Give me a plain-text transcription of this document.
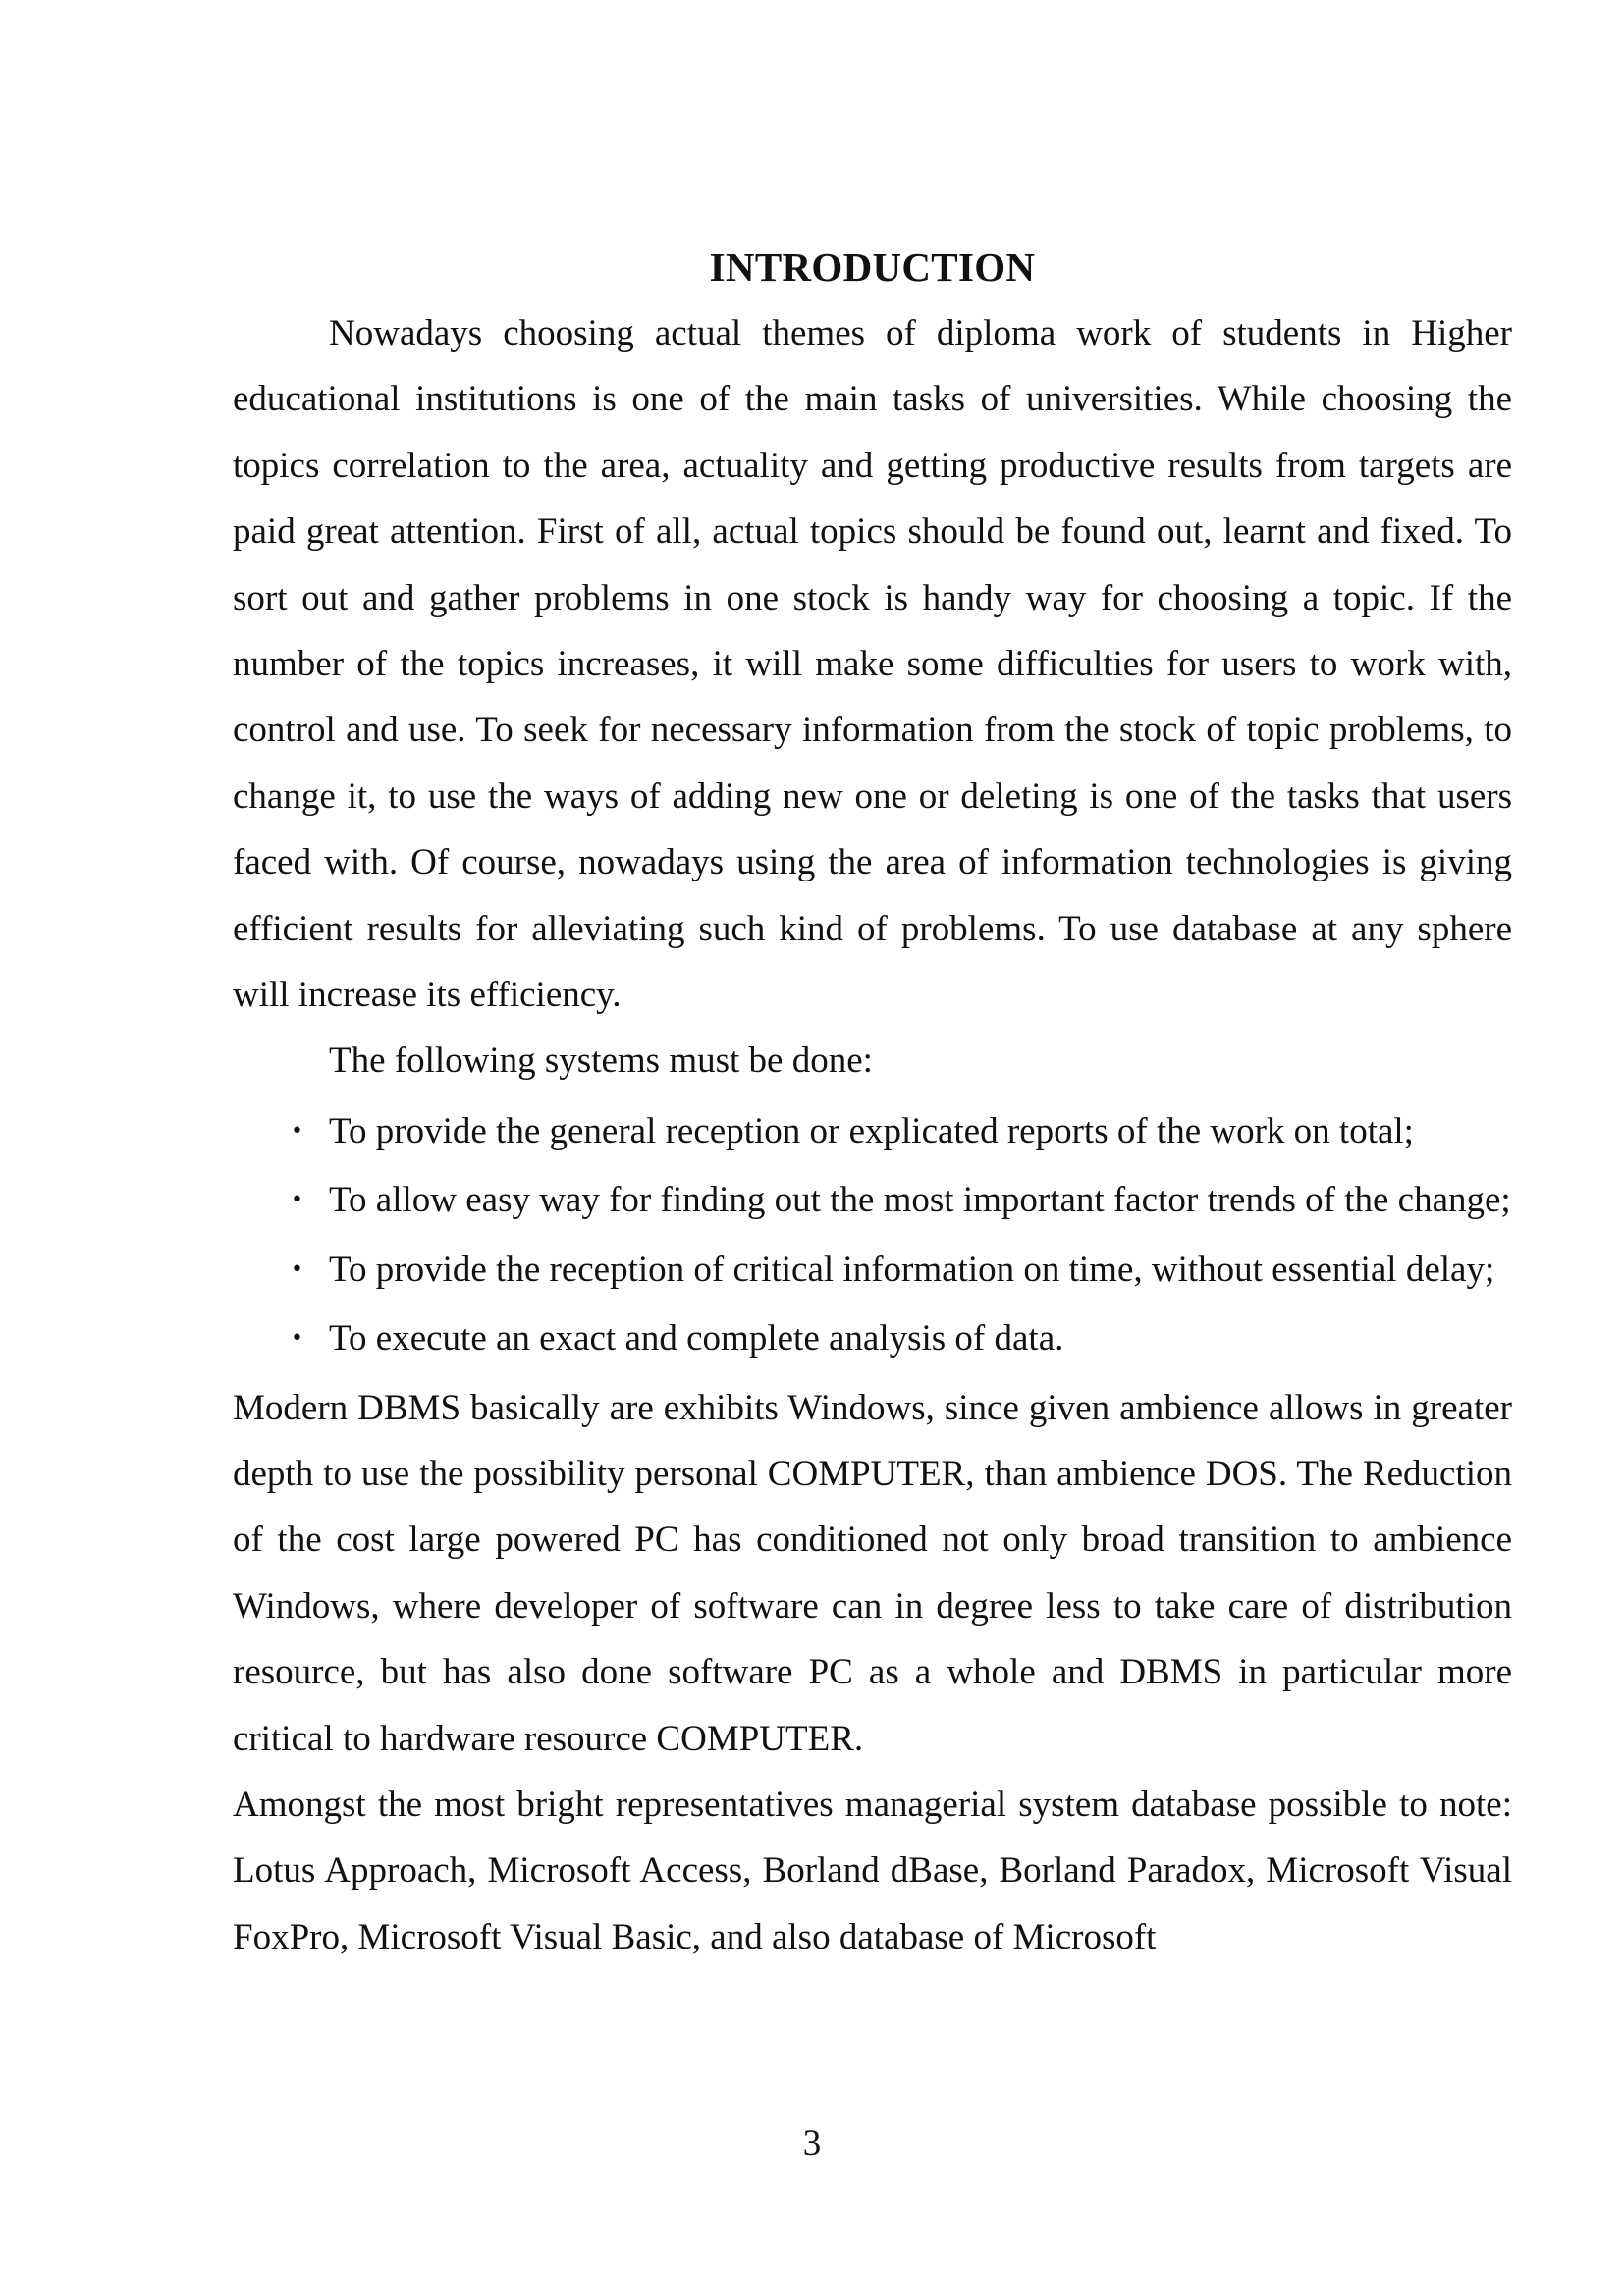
INTRODUCTION

Nowadays choosing actual themes of diploma work of students in Higher educational institutions is one of the main tasks of universities. While choosing the topics correlation to the area, actuality and getting productive results from targets are paid great attention. First of all, actual topics should be found out, learnt and fixed. To sort out and gather problems in one stock is handy way for choosing a topic. If the number of the topics increases, it will make some difficulties for users to work with, control and use. To seek for necessary information from the stock of topic problems, to change it, to use the ways of adding new one or deleting is one of the tasks that users faced with. Of course, nowadays using the area of information technologies is giving efficient results for alleviating such kind of problems. To use database at any sphere will increase its efficiency.

The following systems must be done:

• To provide the general reception or explicated reports of the work on total;
• To allow easy way for finding out the most important factor trends of the change;
• To provide the reception of critical information on time, without essential delay;
• To execute an exact and complete analysis of data.

Modern DBMS basically are exhibits Windows, since given ambience allows in greater depth to use the possibility personal COMPUTER, than ambience DOS. The Reduction of the cost large powered PC has conditioned not only broad transition to ambience Windows, where developer of software can in degree less to take care of distribution resource, but has also done software PC as a whole and DBMS in particular more critical to hardware resource COMPUTER.

Amongst the most bright representatives managerial system database possible to note: Lotus Approach, Microsoft Access, Borland dBase, Borland Paradox, Microsoft Visual FoxPro, Microsoft Visual Basic, and also database of Microsoft

3
